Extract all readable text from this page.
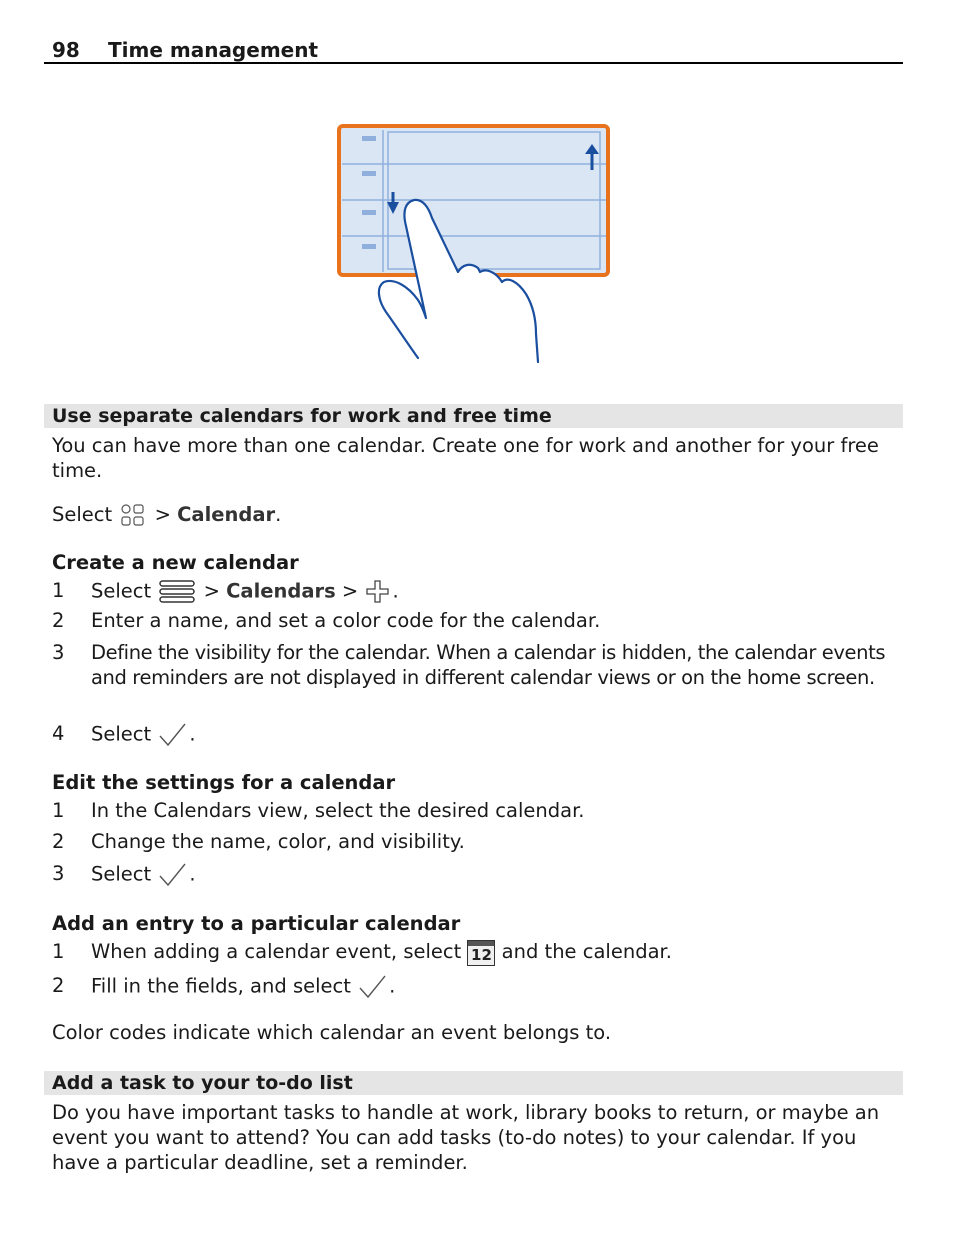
98 Time management
Use separate calendars for work and free time

You can have more than one calendar. Create one for work and another for your free time.

Select  > Calendar.

Create a new calendar

1 Select  > Calendars > .
2 Enter a name, and set a color code for the calendar.
3 Define the visibility for the calendar. When a calendar is hidden, the calendar events and reminders are not displayed in different calendar views or on the home screen.
4 Select .

Edit the settings for a calendar

1 In the Calendars view, select the desired calendar.
2 Change the name, color, and visibility.
3 Select .

Add an entry to a particular calendar

1 When adding a calendar event, select 12 and the calendar.
2 Fill in the fields, and select .

Color codes indicate which calendar an event belongs to.

Add a task to your to-do list

Do you have important tasks to handle at work, library books to return, or maybe an event you want to attend? You can add tasks (to-do notes) to your calendar. If you have a particular deadline, set a reminder.
